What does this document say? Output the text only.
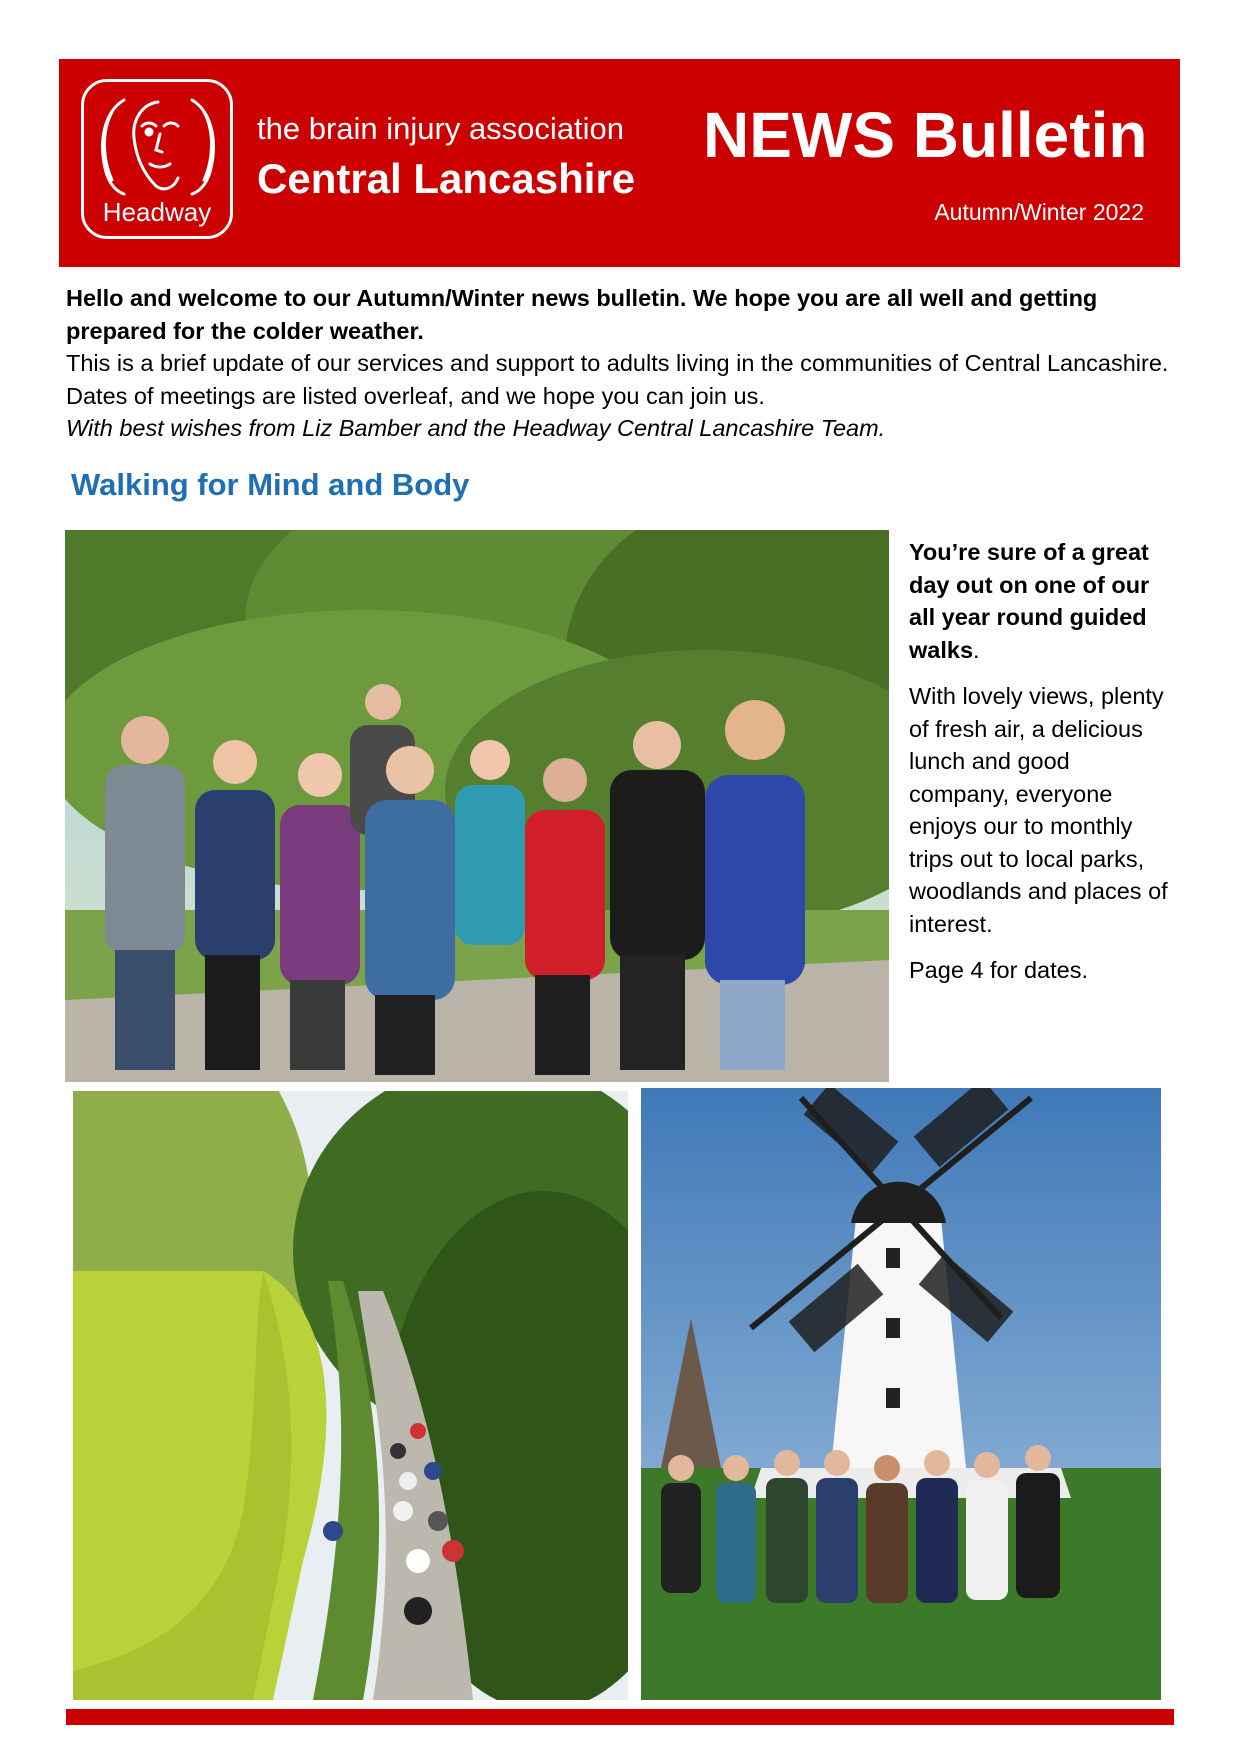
Headway
the brain injury association
Central Lancashire
NEWS Bulletin
Autumn/Winter 2022

Hello and welcome to our Autumn/Winter news bulletin. We hope you are all well and getting prepared for the colder weather.

This is a brief update of our services and support to adults living in the communities of Central Lancashire. Dates of meetings are listed overleaf, and we hope you can join us.

With best wishes from Liz Bamber and the Headway Central Lancashire Team.

Walking for Mind and Body

You’re sure of a great day out on one of our all year round guided walks.

With lovely views, plenty of fresh air, a delicious lunch and good company, everyone enjoys our to monthly trips out to local parks, woodlands and places of interest.

Page 4 for dates.
